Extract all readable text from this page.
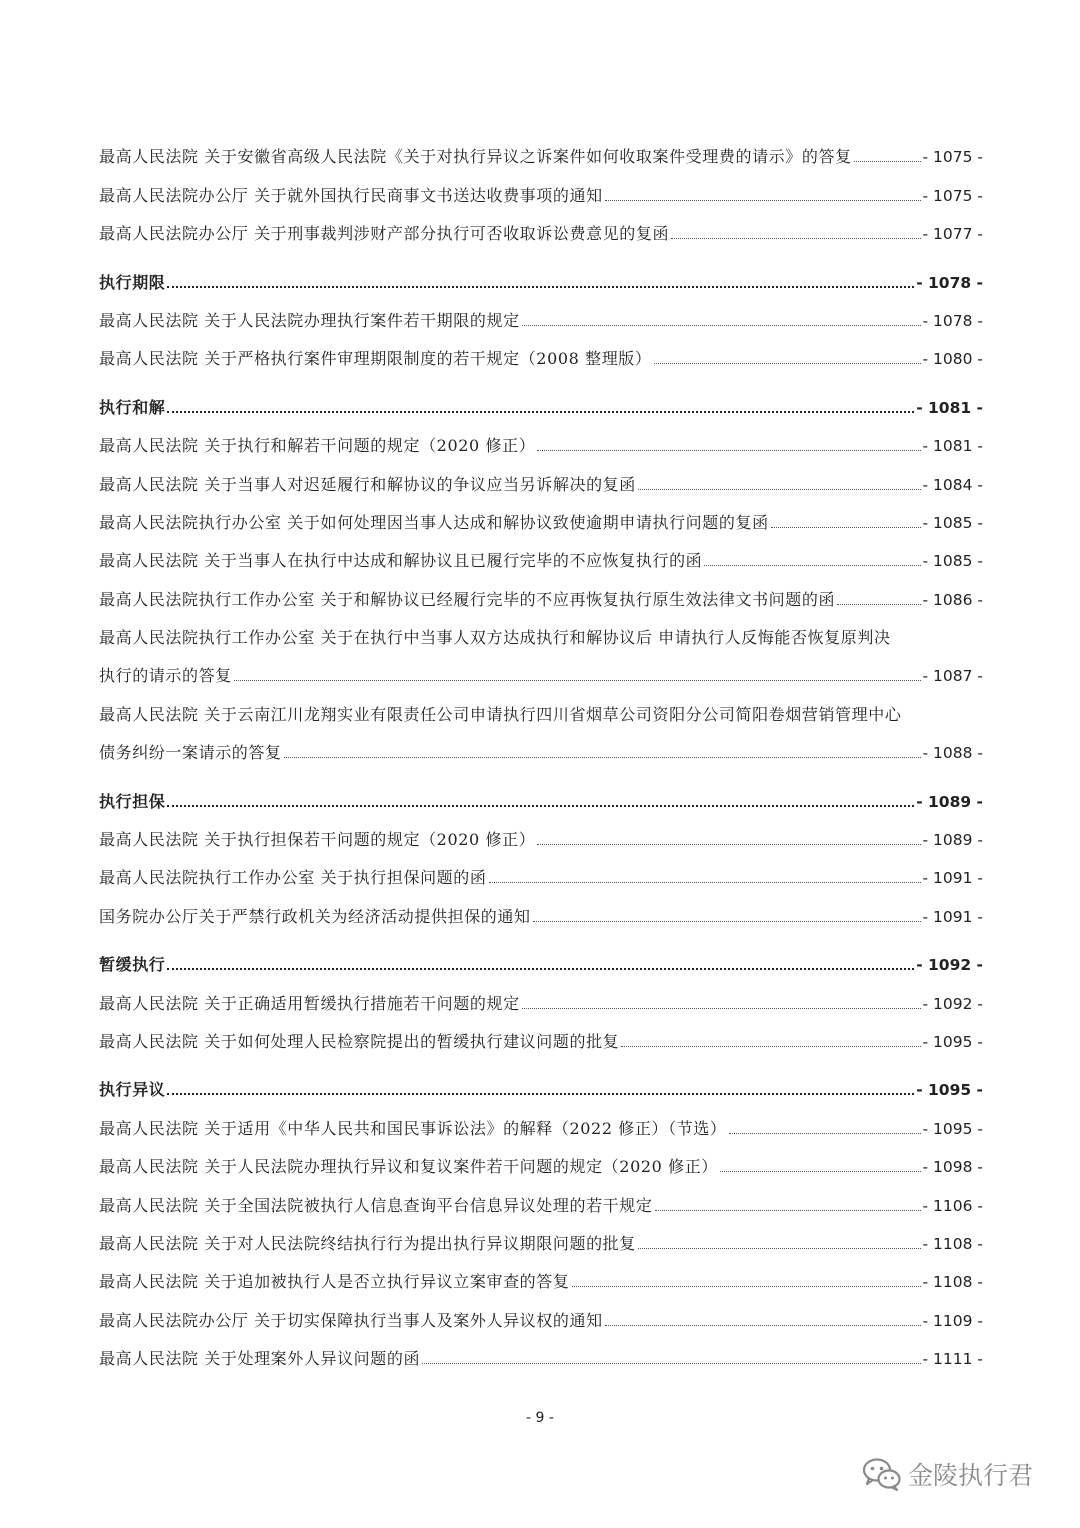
最高人民法院 关于安徽省高级人民法院《关于对执行异议之诉案件如何收取案件受理费的请示》的答复	- 1075 -
最高人民法院办公厅 关于就外国执行民商事文书送达收费事项的通知	- 1075 -
最高人民法院办公厅 关于刑事裁判涉财产部分执行可否收取诉讼费意见的复函	- 1077 -
执行期限	- 1078 -
最高人民法院 关于人民法院办理执行案件若干期限的规定	- 1078 -
最高人民法院 关于严格执行案件审理期限制度的若干规定（2008 整理版）	- 1080 -
执行和解	- 1081 -
最高人民法院 关于执行和解若干问题的规定（2020 修正）	- 1081 -
最高人民法院 关于当事人对迟延履行和解协议的争议应当另诉解决的复函	- 1084 -
最高人民法院执行办公室 关于如何处理因当事人达成和解协议致使逾期申请执行问题的复函	- 1085 -
最高人民法院 关于当事人在执行中达成和解协议且已履行完毕的不应恢复执行的函	- 1085 -
最高人民法院执行工作办公室 关于和解协议已经履行完毕的不应再恢复执行原生效法律文书问题的函	- 1086 -
最高人民法院执行工作办公室 关于在执行中当事人双方达成执行和解协议后 申请执行人反悔能否恢复原判决
执行的请示的答复	- 1087 -
最高人民法院 关于云南江川龙翔实业有限责任公司申请执行四川省烟草公司资阳分公司简阳卷烟营销管理中心
债务纠纷一案请示的答复	- 1088 -
执行担保	- 1089 -
最高人民法院 关于执行担保若干问题的规定（2020 修正）	- 1089 -
最高人民法院执行工作办公室 关于执行担保问题的函	- 1091 -
国务院办公厅关于严禁行政机关为经济活动提供担保的通知	- 1091 -
暂缓执行	- 1092 -
最高人民法院 关于正确适用暂缓执行措施若干问题的规定	- 1092 -
最高人民法院 关于如何处理人民检察院提出的暂缓执行建议问题的批复	- 1095 -
执行异议	- 1095 -
最高人民法院 关于适用《中华人民共和国民事诉讼法》的解释（2022 修正）（节选）	- 1095 -
最高人民法院 关于人民法院办理执行异议和复议案件若干问题的规定（2020 修正）	- 1098 -
最高人民法院 关于全国法院被执行人信息查询平台信息异议处理的若干规定	- 1106 -
最高人民法院 关于对人民法院终结执行行为提出执行异议期限问题的批复	- 1108 -
最高人民法院 关于追加被执行人是否立执行异议立案审查的答复	- 1108 -
最高人民法院办公厅 关于切实保障执行当事人及案外人异议权的通知	- 1109 -
最高人民法院 关于处理案外人异议问题的函	- 1111 -
- 9 -
金陵执行君
